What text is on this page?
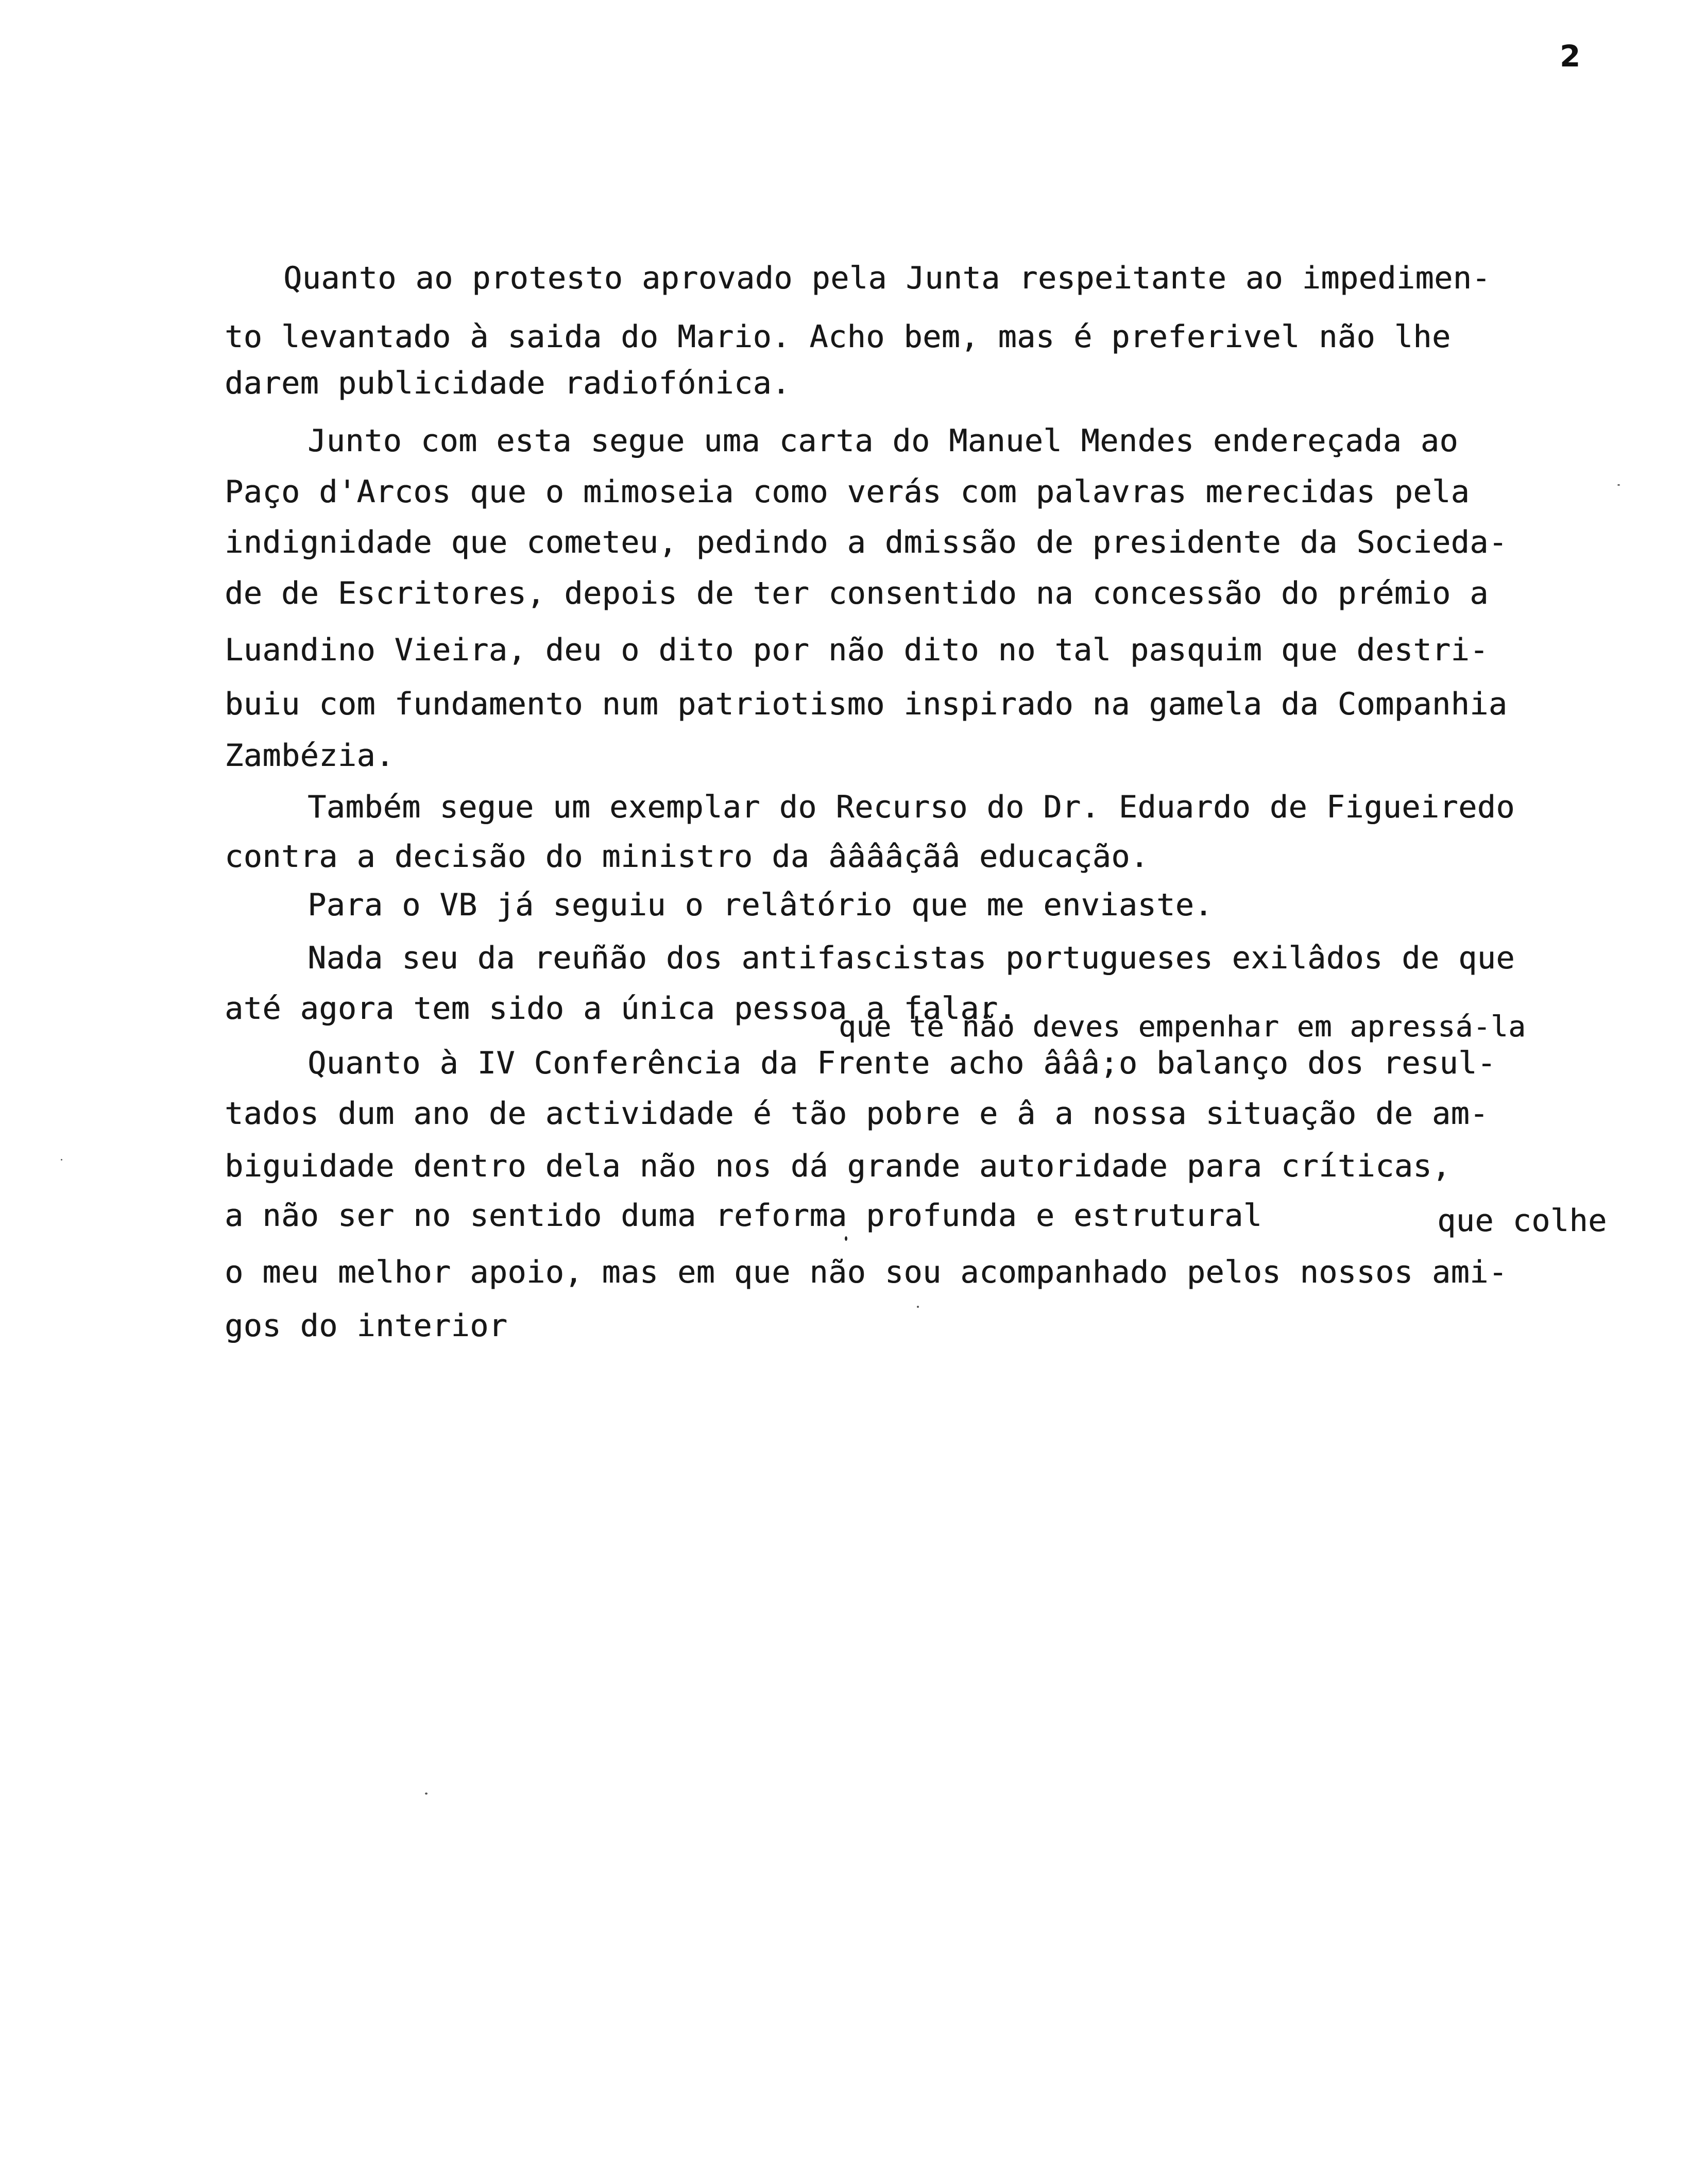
2
Quanto ao protesto aprovado pela Junta respeitante ao impedimen-
to levantado à saida do Mario. Acho bem, mas é preferivel não lhe
darem publicidade radiofónica.
Junto com esta segue uma carta do Manuel Mendes endereçada ao
Paço d'Arcos que o mimoseia como verás com palavras merecidas pela
indignidade que cometeu, pedindo a dmissão de presidente da Socieda-
de de Escritores, depois de ter consentido na concessão do prémio a
Luandino Vieira, deu o dito por não dito no tal pasquim que destri-
buiu com fundamento num patriotismo inspirado na gamela da Companhia
Zambézia.
Também segue um exemplar do Recurso do Dr. Eduardo de Figueiredo
contra a decisão do ministro da ââââçãâ educação.
Para o VB já seguiu o relâtório que me enviaste.
Nada seu da reuñão dos antifascistas portugueses exilâdos de que
até agora tem sido a única pessoa a falar.
que te não deves empenhar em apressá-la
Quanto à IV Conferência da Frente acho âââ;o balanço dos resul-
tados dum ano de actividade é tão pobre e â a nossa situação de am-
biguidade dentro dela não nos dá grande autoridade para críticas,
a não ser no sentido duma reforma profunda e estrutural	que colhe
o meu melhor apoio, mas em que não sou acompanhado pelos nossos ami-
gos do interior
